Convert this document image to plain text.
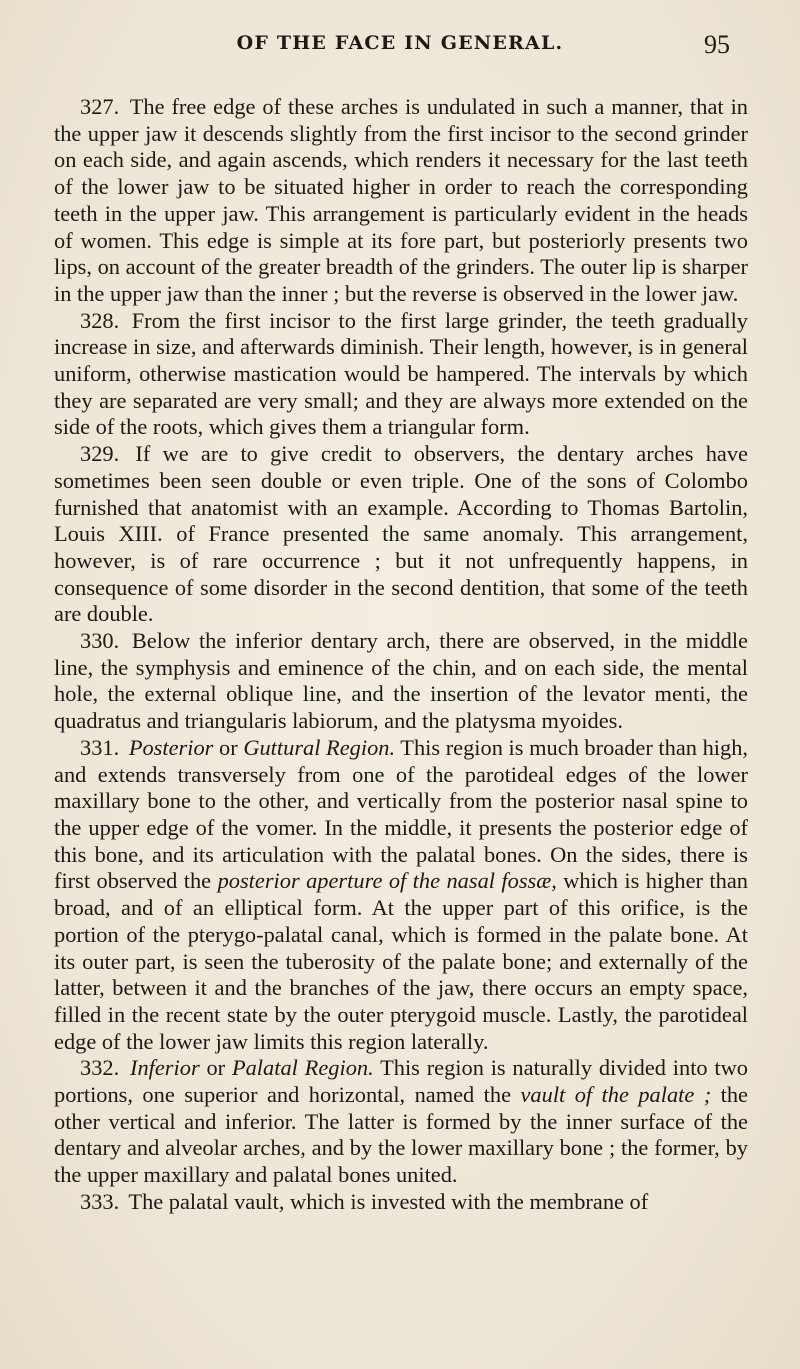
OF THE FACE IN GENERAL.	95

327. The free edge of these arches is undulated in such a manner, that in the upper jaw it descends slightly from the first incisor to the second grinder on each side, and again ascends, which renders it necessary for the last teeth of the lower jaw to be situated higher in order to reach the corresponding teeth in the upper jaw. This arrangement is particularly evident in the heads of women. This edge is simple at its fore part, but posteriorly presents two lips, on account of the greater breadth of the grinders. The outer lip is sharper in the upper jaw than the inner ; but the reverse is observed in the lower jaw.

328. From the first incisor to the first large grinder, the teeth gradually increase in size, and afterwards diminish. Their length, however, is in general uniform, otherwise mastication would be hampered. The intervals by which they are separated are very small; and they are always more extended on the side of the roots, which gives them a triangular form.

329. If we are to give credit to observers, the dentary arches have sometimes been seen double or even triple. One of the sons of Colombo furnished that anatomist with an example. According to Thomas Bartolin, Louis XIII. of France presented the same anomaly. This arrangement, however, is of rare occurrence ; but it not unfrequently happens, in consequence of some disorder in the second dentition, that some of the teeth are double.

330. Below the inferior dentary arch, there are observed, in the middle line, the symphysis and eminence of the chin, and on each side, the mental hole, the external oblique line, and the insertion of the levator menti, the quadratus and triangularis labiorum, and the platysma myoides.

331. Posterior or Guttural Region. This region is much broader than high, and extends transversely from one of the parotideal edges of the lower maxillary bone to the other, and vertically from the posterior nasal spine to the upper edge of the vomer. In the middle, it presents the posterior edge of this bone, and its articulation with the palatal bones. On the sides, there is first observed the posterior aperture of the nasal fossæ, which is higher than broad, and of an elliptical form. At the upper part of this orifice, is the portion of the pterygo-palatal canal, which is formed in the palate bone. At its outer part, is seen the tuberosity of the palate bone; and externally of the latter, between it and the branches of the jaw, there occurs an empty space, filled in the recent state by the outer pterygoid muscle. Lastly, the parotideal edge of the lower jaw limits this region laterally.

332. Inferior or Palatal Region. This region is naturally divided into two portions, one superior and horizontal, named the vault of the palate ; the other vertical and inferior. The latter is formed by the inner surface of the dentary and alveolar arches, and by the lower maxillary bone ; the former, by the upper maxillary and palatal bones united.

333. The palatal vault, which is invested with the membrane of
